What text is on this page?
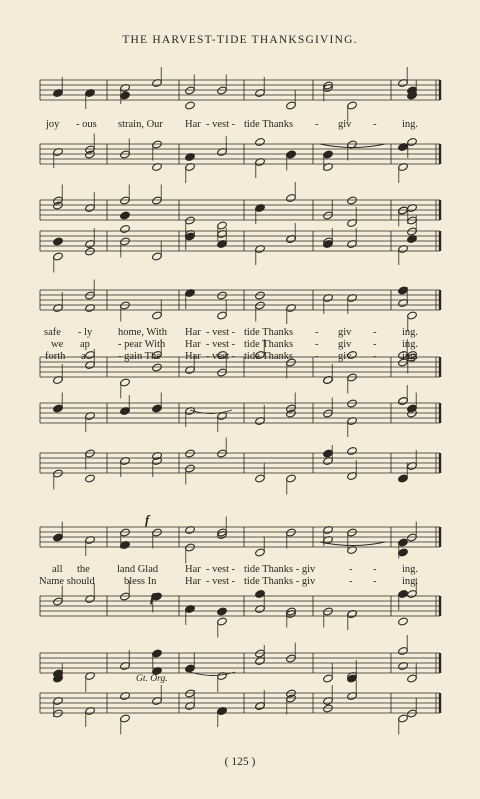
THE HARVEST-TIDE THANKSGIVING.
joy - ous strain, Our Har - vest - tide Thanks - giv - ing.
safe - ly home, With Har - vest - tide Thanks - giv - ing.
we ap	- pear With Har - vest - tide Thanks - giv - ing.
forth a	- gain The Har - vest - tide Thanks - giv - ing.
all the	land Glad	Har - vest - tide Thanks - giv	- - ing.
Name should	bless In	Har - vest - tide Thanks - giv	- - ing.
f
f
Gt. Org.
( 125 )
